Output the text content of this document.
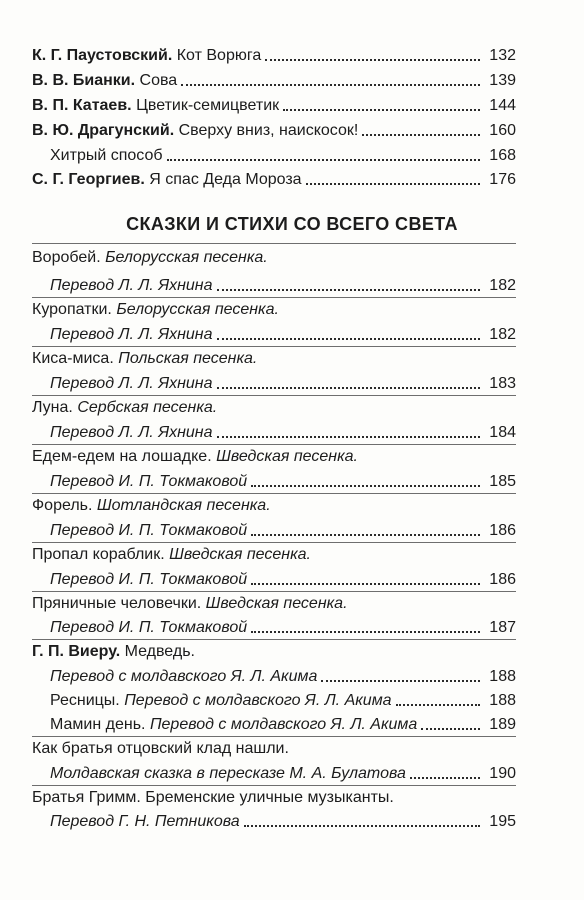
К. Г. Паустовский. Кот Ворюга	132
В. В. Бианки. Сова	139
В. П. Катаев. Цветик-семицветик	144
В. Ю. Драгунский. Сверху вниз, наискосок!	160
Хитрый способ	168
С. Г. Георгиев. Я спас Деда Мороза	176
СКАЗКИ И СТИХИ СО ВСЕГО СВЕТА
Воробей. Белорусская песенка.
Перевод Л. Л. Яхнина	182
Куропатки. Белорусская песенка.
Перевод Л. Л. Яхнина	182
Киса-миса. Польская песенка.
Перевод Л. Л. Яхнина	183
Луна. Сербская песенка.
Перевод Л. Л. Яхнина	184
Едем-едем на лошадке. Шведская песенка.
Перевод И. П. Токмаковой	185
Форель. Шотландская песенка.
Перевод И. П. Токмаковой	186
Пропал кораблик. Шведская песенка.
Перевод И. П. Токмаковой	186
Пряничные человечки. Шведская песенка.
Перевод И. П. Токмаковой	187
Г. П. Виеру. Медведь.
Перевод с молдавского Я. Л. Акима	188
Ресницы. Перевод с молдавского Я. Л. Акима	188
Мамин день. Перевод с молдавского Я. Л. Акима	189
Как братья отцовский клад нашли.
Молдавская сказка в пересказе М. А. Булатова	190
Братья Гримм. Бременские уличные музыканты.
Перевод Г. Н. Петникова	195
